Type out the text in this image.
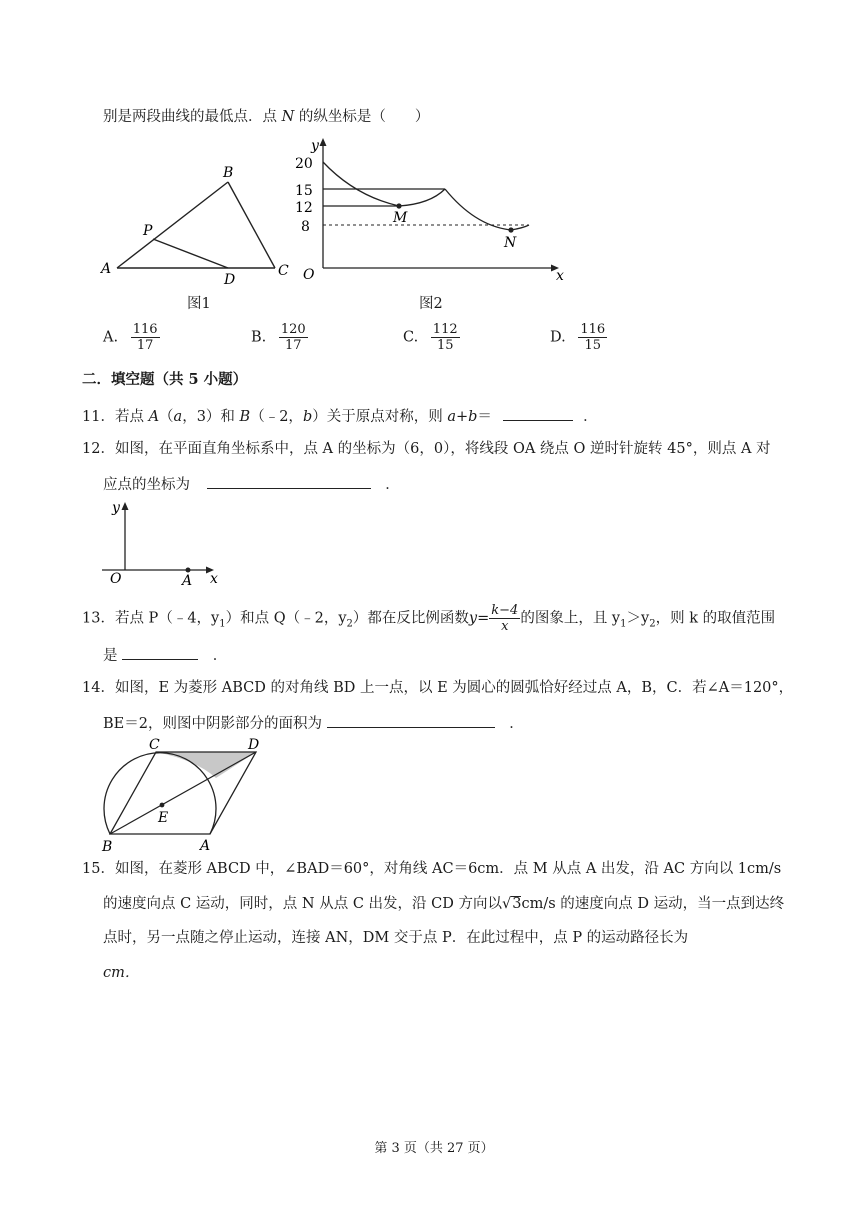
别是两段曲线的最低点．点 N 的纵坐标是（　　）
A
B
C
D
P
图1
y
x
O
20
15
12
8
M
N
图2
A. $\frac{116}{17}$	B. $\frac{120}{17}$	C. $\frac{112}{15}$	D. $\frac{116}{15}$
二．填空题（共 5 小题）
11．若点 A（a，3）和 B（﹣2，b）关于原点对称，则 a+b＝	．
12．如图，在平面直角坐标系中，点 A 的坐标为（6，0），将线段 OA 绕点 O 逆时针旋转 45°，则点 A 对
应点的坐标为	．
y
x
O	A
13．若点 P（﹣4，$y_1$）和点 Q（﹣2，$y_2$）都在反比例函数$y= \frac{k-4}{x}$ 的图象上，且 $y_1>y_2$，则 k 的取值范围
是	．
14．如图，E 为菱形 ABCD 的对角线 BD 上一点，以 E 为圆心的圆弧恰好经过点 A，B，C．若∠A＝120°，
BE＝2，则图中阴影部分的面积为	．
A
B
C	D
E
15．如图，在菱形 ABCD 中，∠BAD＝60°，对角线 AC＝6cm．点 M 从点 A 出发，沿 AC 方向以 1cm/s
的速度向点 C 运动，同时，点 N 从点 C 出发，沿 CD 方向以√3cm/s 的速度向点 D 运动，当一点到达终
点时，另一点随之停止运动，连接 AN，DM 交于点 P．在此过程中，点 P 的运动路径长为
cm．
第 3 页（共 27 页）
